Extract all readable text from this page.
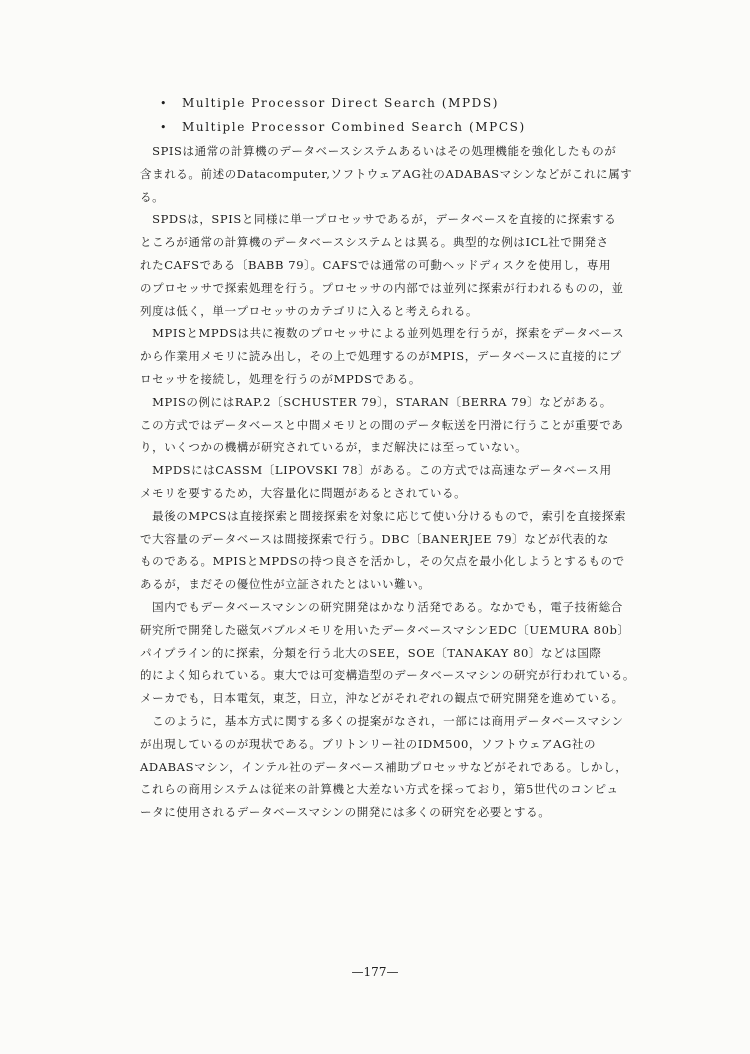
•	Multiple Processor Direct Search (MPDS)
•	Multiple Processor Combined Search (MPCS)

　SPISは通常の計算機のデータベースシステムあるいはその処理機能を強化したものが

含まれる。前述のDatacomputer,ソフトウェアAG社のADABASマシンなどがこれに属す

る。

　SPDSは，SPISと同様に単一プロセッサであるが，データベースを直接的に探索する

ところが通常の計算機のデータベースシステムとは異る。典型的な例はICL社で開発さ

れたCAFSである〔BABB 79〕。CAFSでは通常の可動ヘッドディスクを使用し，専用

のプロセッサで探索処理を行う。プロセッサの内部では並列に探索が行われるものの，並

列度は低く，単一プロセッサのカテゴリに入ると考えられる。

　MPISとMPDSは共に複数のプロセッサによる並列処理を行うが，探索をデータベース

から作業用メモリに読み出し，その上で処理するのがMPIS，データベースに直接的にプ

ロセッサを接続し，処理を行うのがMPDSである。

　MPISの例にはRAP.2〔SCHUSTER 79〕，STARAN〔BERRA 79〕などがある。

この方式ではデータベースと中間メモリとの間のデータ転送を円滑に行うことが重要であ

り，いくつかの機構が研究されているが，まだ解決には至っていない。

　MPDSにはCASSM〔LIPOVSKI 78〕がある。この方式では高速なデータベース用

メモリを要するため，大容量化に問題があるとされている。

　最後のMPCSは直接探索と間接探索を対象に応じて使い分けるもので，索引を直接探索

で大容量のデータベースは間接探索で行う。DBC〔BANERJEE 79〕などが代表的な

ものである。MPISとMPDSの持つ良さを活かし，その欠点を最小化しようとするもので

あるが，まだその優位性が立証されたとはいい難い。

　国内でもデータベースマシンの研究開発はかなり活発である。なかでも，電子技術総合

研究所で開発した磁気バブルメモリを用いたデータベースマシンEDC〔UEMURA 80b〕

パイプライン的に探索，分類を行う北大のSEE，SOE〔TANAKAY 80〕などは国際

的によく知られている。東大では可変構造型のデータベースマシンの研究が行われている。

メーカでも，日本電気，東芝，日立，沖などがそれぞれの観点で研究開発を進めている。

　このように，基本方式に関する多くの提案がなされ，一部には商用データベースマシン

が出現しているのが現状である。ブリトンリー社のIDM500，ソフトウェアAG社の

ADABASマシン，インテル社のデータベース補助プロセッサなどがそれである。しかし，

これらの商用システムは従来の計算機と大差ない方式を採っており，第5世代のコンピュ

ータに使用されるデータベースマシンの開発には多くの研究を必要とする。

—177—
